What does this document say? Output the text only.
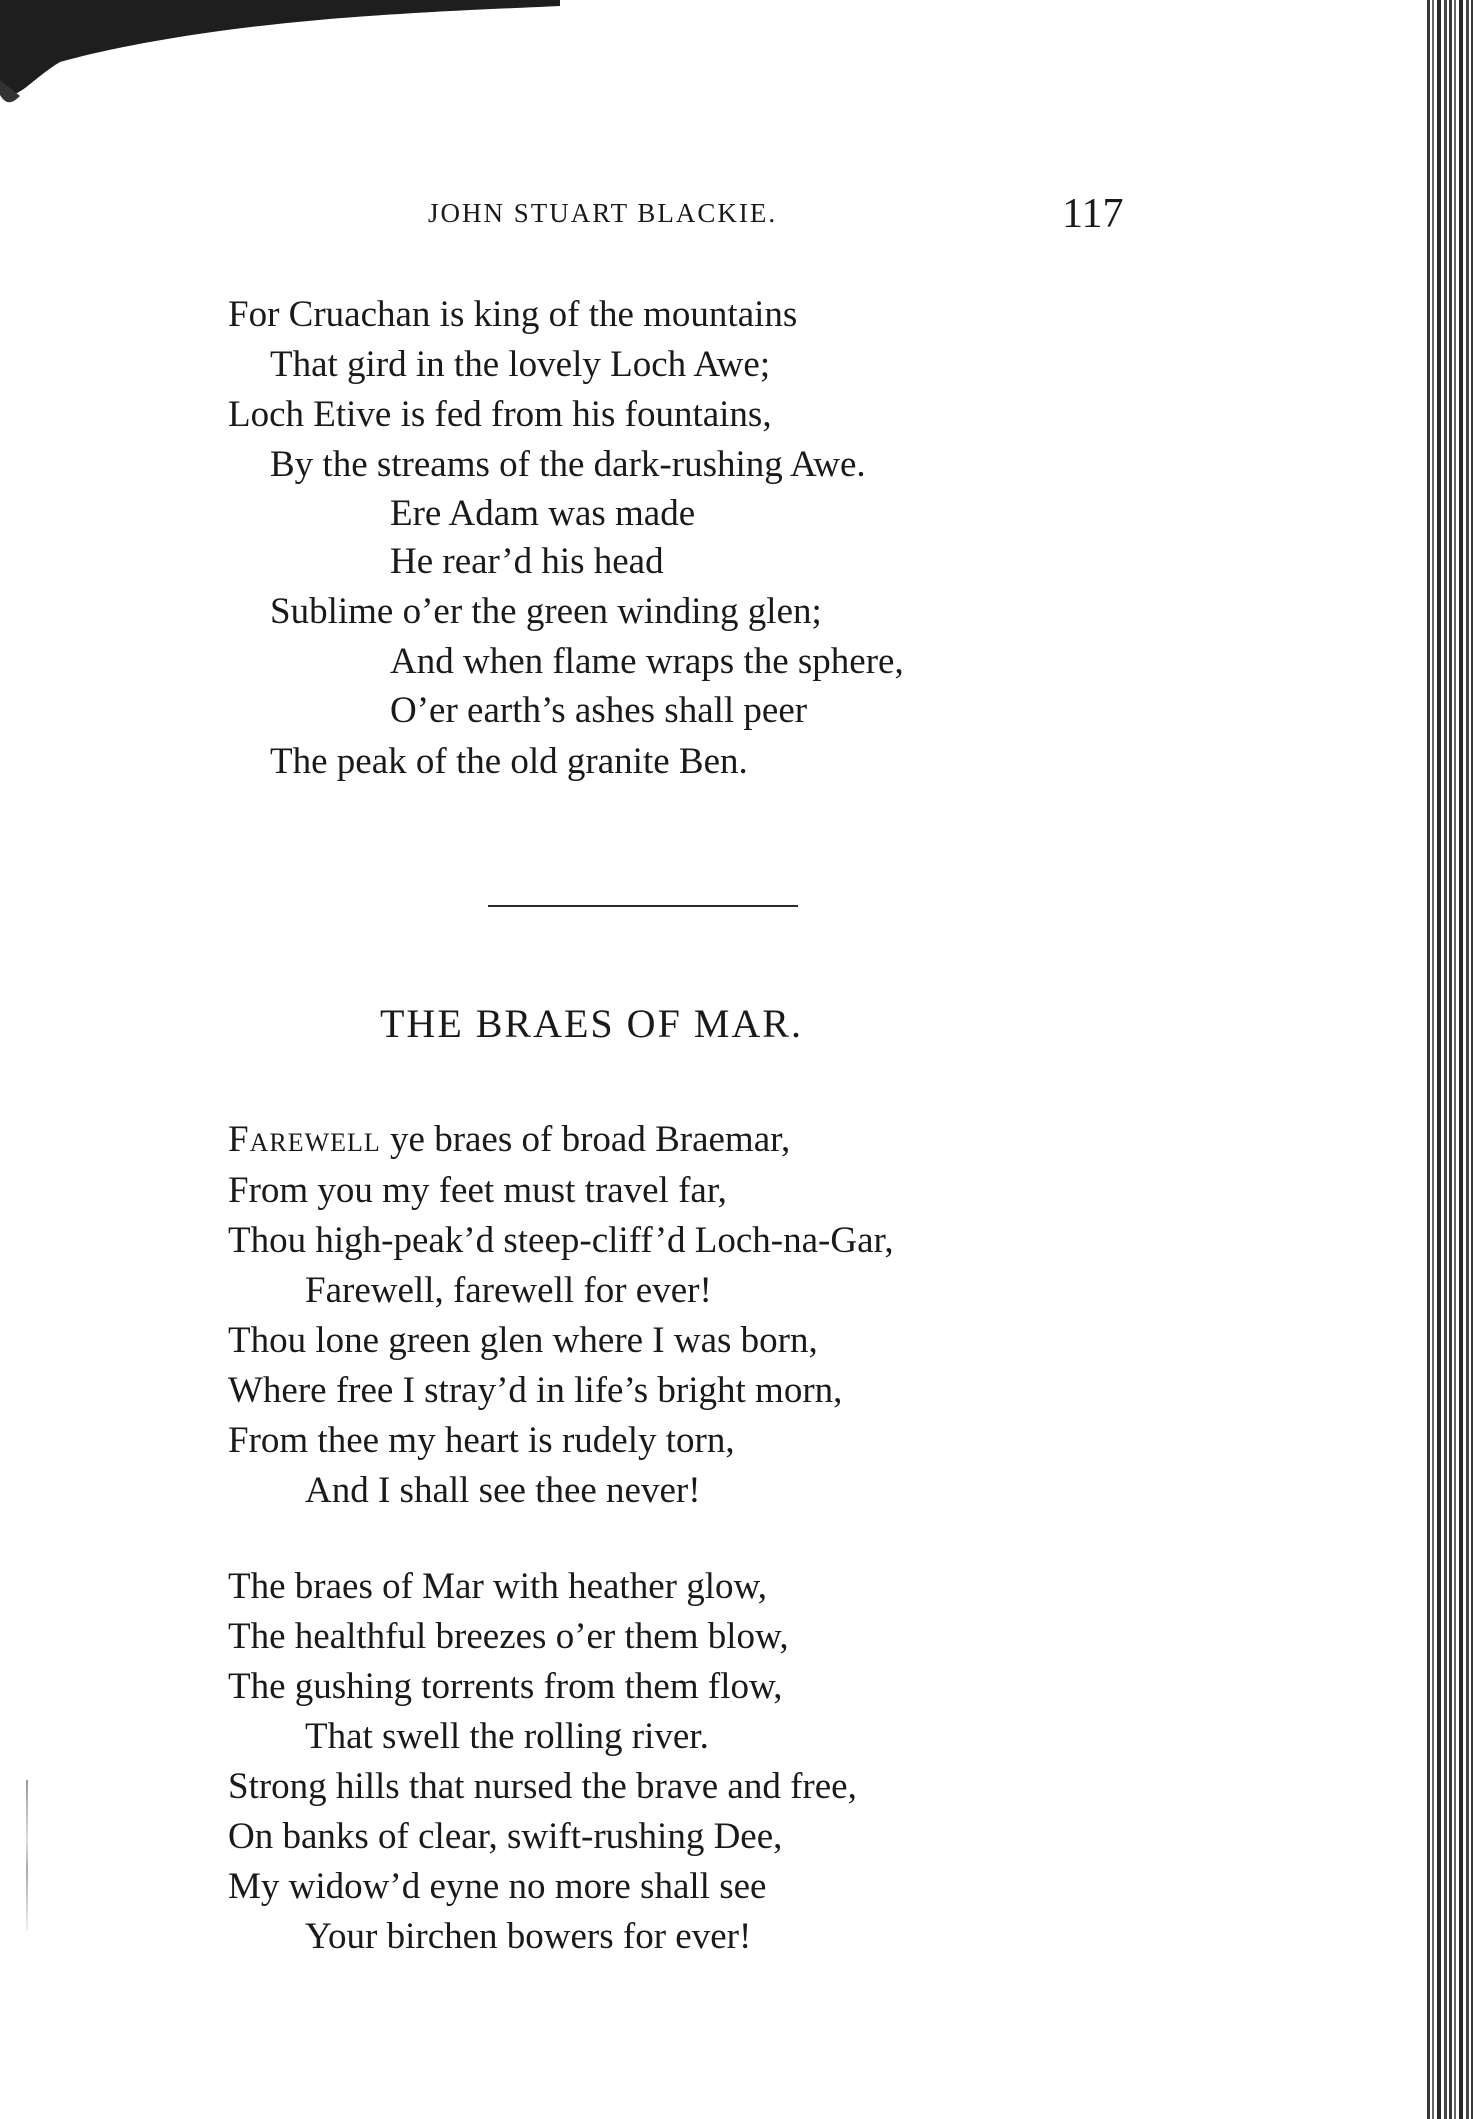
JOHN STUART BLACKIE.	117
For Cruachan is king of the mountains
That gird in the lovely Loch Awe;
Loch Etive is fed from his fountains,
By the streams of the dark-rushing Awe.
Ere Adam was made
He rear’d his head
Sublime o’er the green winding glen;
And when flame wraps the sphere,
O’er earth’s ashes shall peer
The peak of the old granite Ben.
THE BRAES OF MAR.
Farewell ye braes of broad Braemar,
From you my feet must travel far,
Thou high-peak’d steep-cliff’d Loch-na-Gar,
Farewell, farewell for ever!
Thou lone green glen where I was born,
Where free I stray’d in life’s bright morn,
From thee my heart is rudely torn,
And I shall see thee never!
The braes of Mar with heather glow,
The healthful breezes o’er them blow,
The gushing torrents from them flow,
That swell the rolling river.
Strong hills that nursed the brave and free,
On banks of clear, swift-rushing Dee,
My widow’d eyne no more shall see
Your birchen bowers for ever!
